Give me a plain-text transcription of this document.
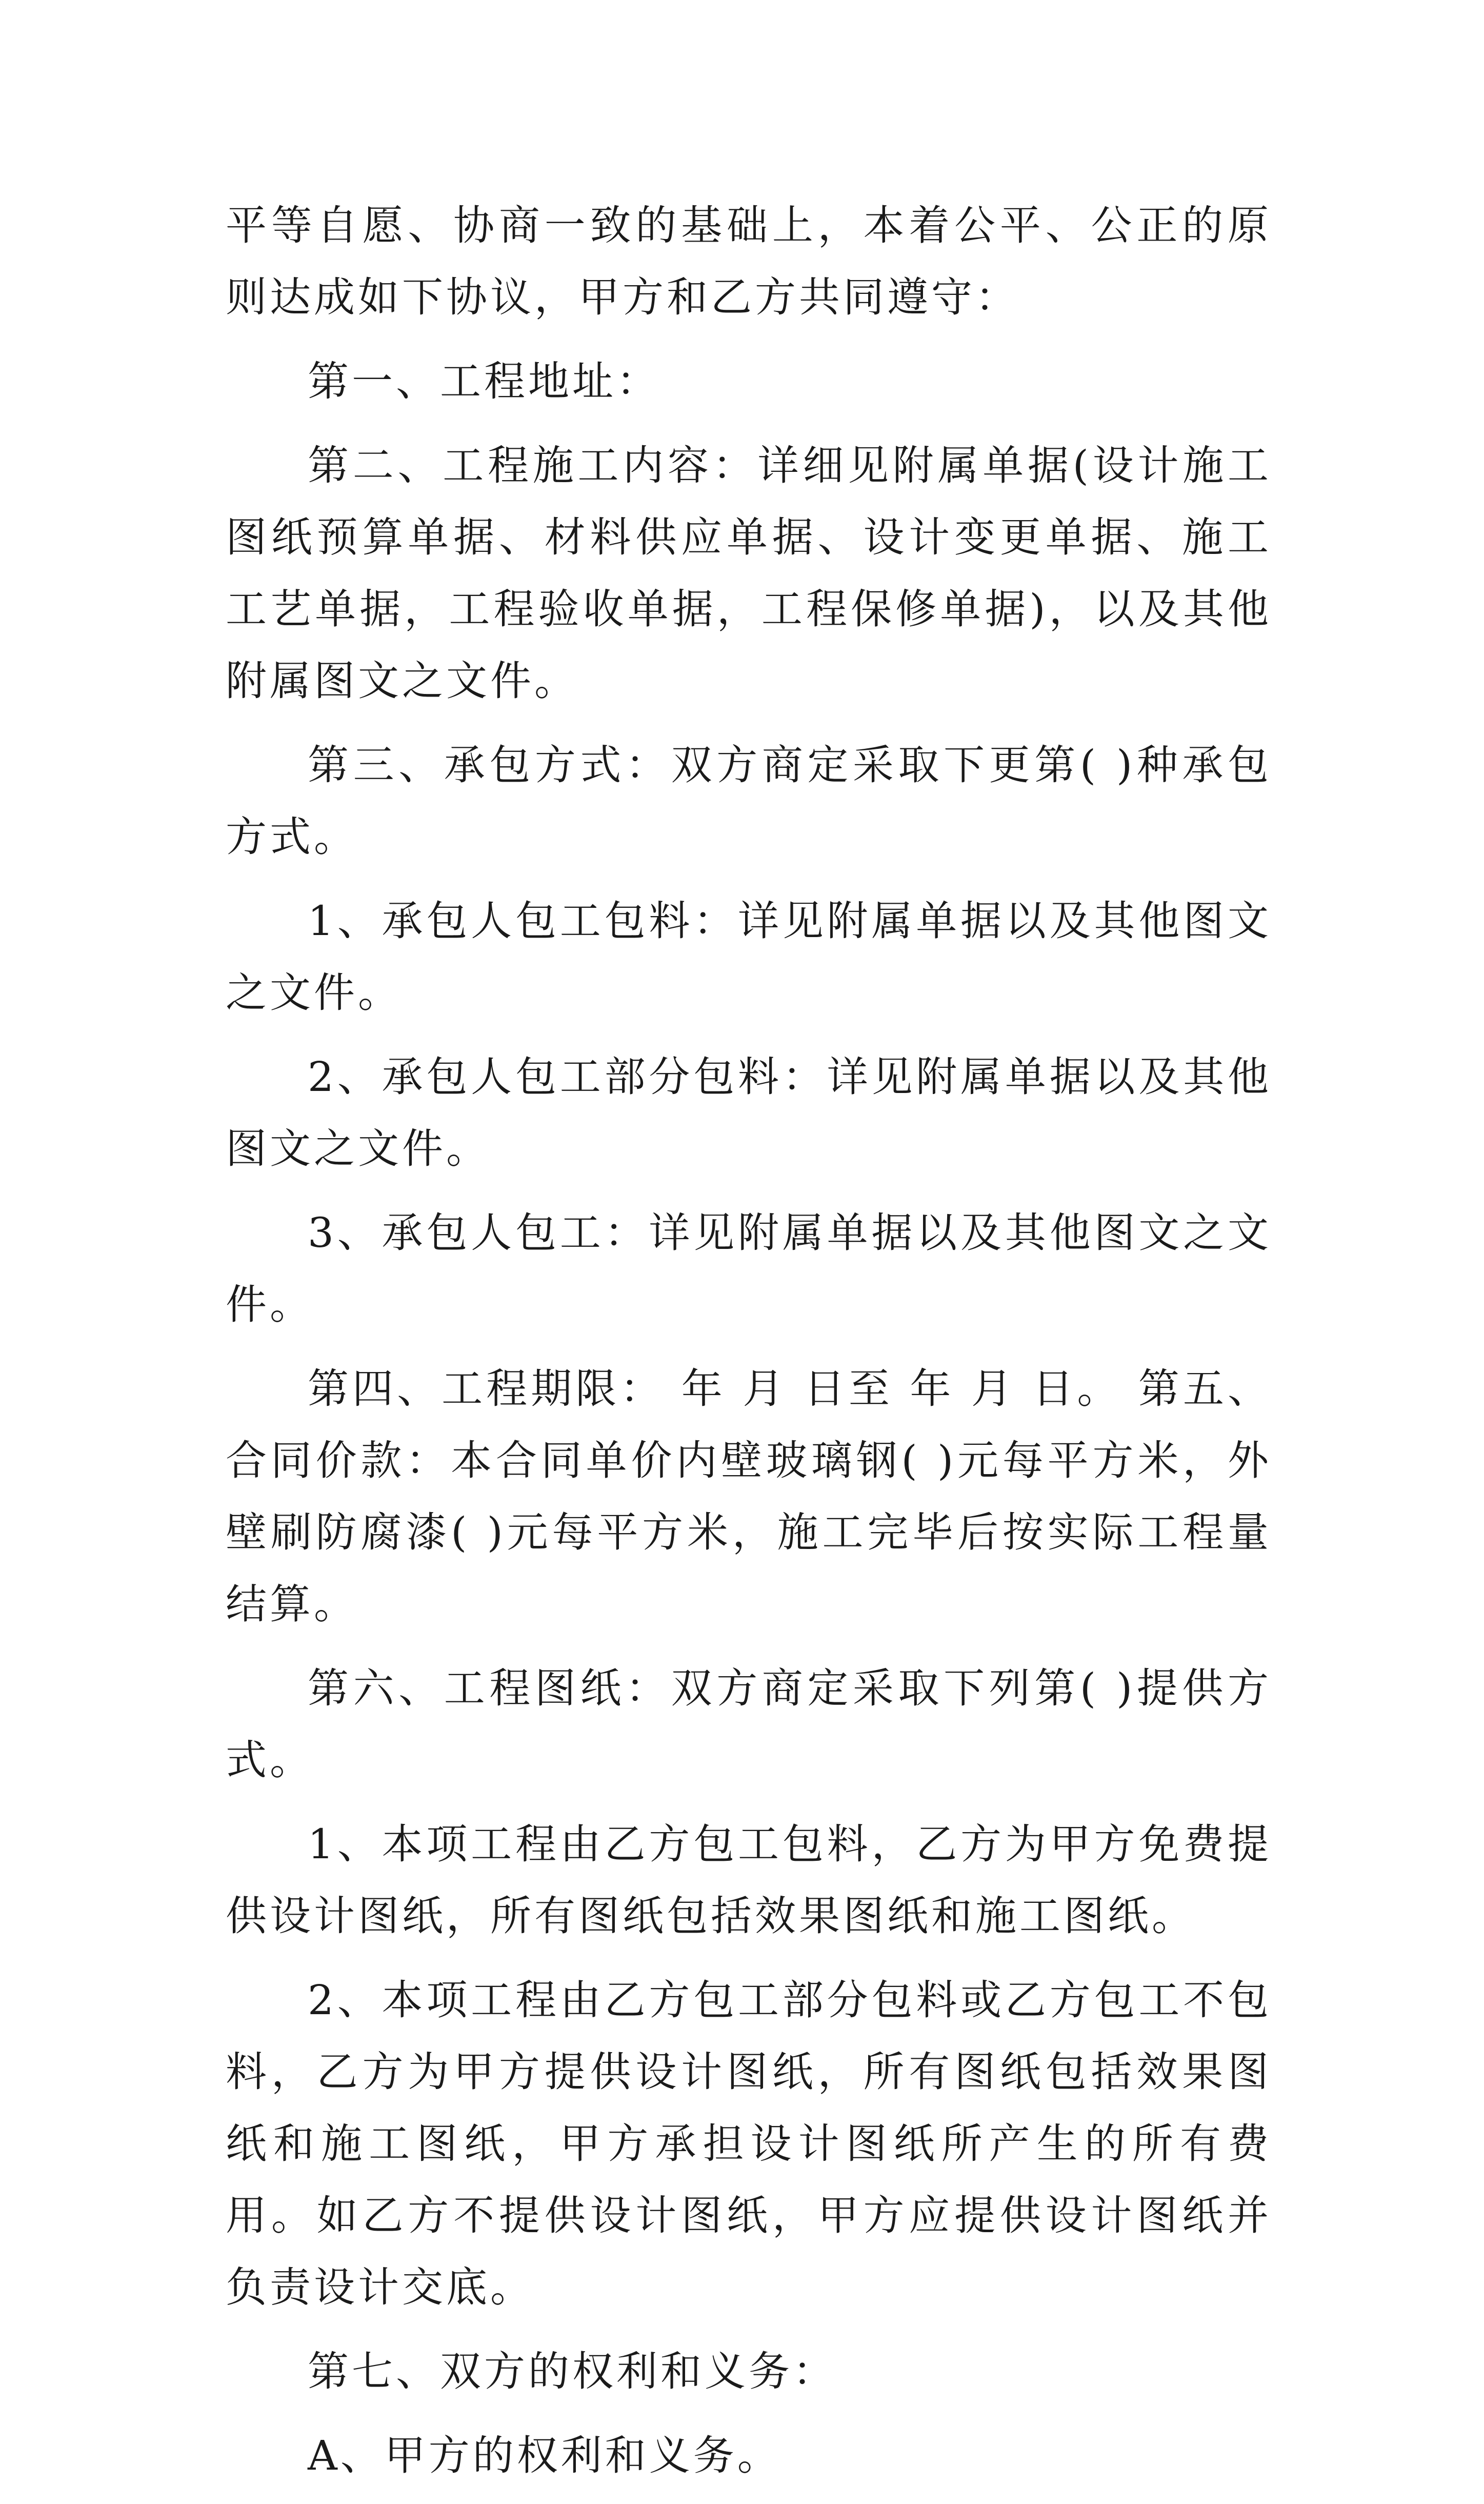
平等自愿、协商一致的基础上，本着公平、公正的原则达成如下协议，甲方和乙方共同遵守：

第一、工程地址：

第二、工程施工内容：详细见附属单据(设计施工图纸预算单据、材料供应单据、设计变更单据、施工工艺单据，工程验收单据，工程保修单据)，以及其他附属图文之文件。

第三、承包方式：双方商定采取下更第( )种承包方式。

1、承包人包工包料：详见附属单据以及其他图文之文件。

2、承包人包工部分包料：详见附属单据以及其他图文之文件。

3、承包人包工：详见附属单据以及其他图文之文件。

第四、工程期限： 年 月 日至 年 月 日。 第五、合同价款：本合同单价内壁玻璃钢( )元每平方米，外壁刷防腐漆( )元每平方米，施工完毕后按实际工程量结算。

第六、工程图纸：双方商定采取下列第( )提供方式。

1、本项工程由乙方包工包料，乙方为甲方免费提供设计图纸，所有图纸包括效果图纸和施工图纸。

2、本项工程由乙方包工部分包料或乙方包工不包料，乙方为甲方提供设计图纸，所有图纸包括效果图纸和施工图纸，甲方承担设计图纸所产生的所有费用。如乙方不提供设计图纸，甲方应提供设计图纸并负责设计交底。

第七、双方的权利和义务：

A、甲方的权利和义务。
